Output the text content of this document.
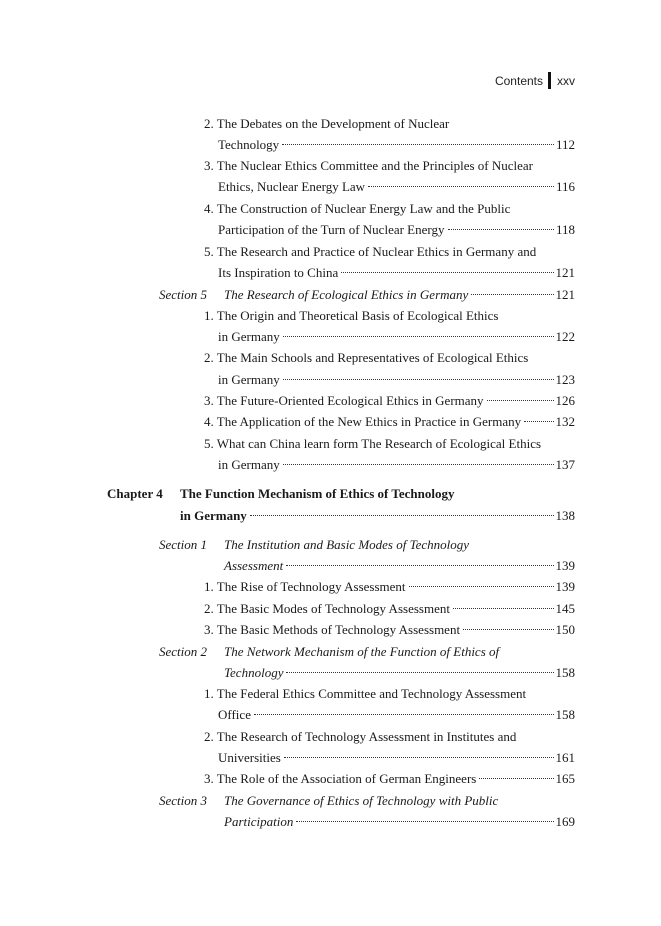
Contents xxv
2. The Debates on the Development of Nuclear
Technology	112
3. The Nuclear Ethics Committee and the Principles of Nuclear
Ethics, Nuclear Energy Law	116
4. The Construction of Nuclear Energy Law and the Public
Participation of the Turn of Nuclear Energy	118
5. The Research and Practice of Nuclear Ethics in Germany and
Its Inspiration to China	121
Section 5	The Research of Ecological Ethics in Germany	121
1. The Origin and Theoretical Basis of Ecological Ethics
in Germany	122
2. The Main Schools and Representatives of Ecological Ethics
in Germany	123
3. The Future-Oriented Ecological Ethics in Germany	126
4. The Application of the New Ethics in Practice in Germany	132
5. What can China learn form The Research of Ecological Ethics
in Germany	137
Chapter 4	The Function Mechanism of Ethics of Technology
in Germany	138
Section 1	The Institution and Basic Modes of Technology
Assessment	139
1. The Rise of Technology Assessment	139
2. The Basic Modes of Technology Assessment	145
3. The Basic Methods of Technology Assessment	150
Section 2	The Network Mechanism of the Function of Ethics of
Technology	158
1. The Federal Ethics Committee and Technology Assessment
Office	158
2. The Research of Technology Assessment in Institutes and
Universities	161
3. The Role of the Association of German Engineers	165
Section 3	The Governance of Ethics of Technology with Public
Participation	169
